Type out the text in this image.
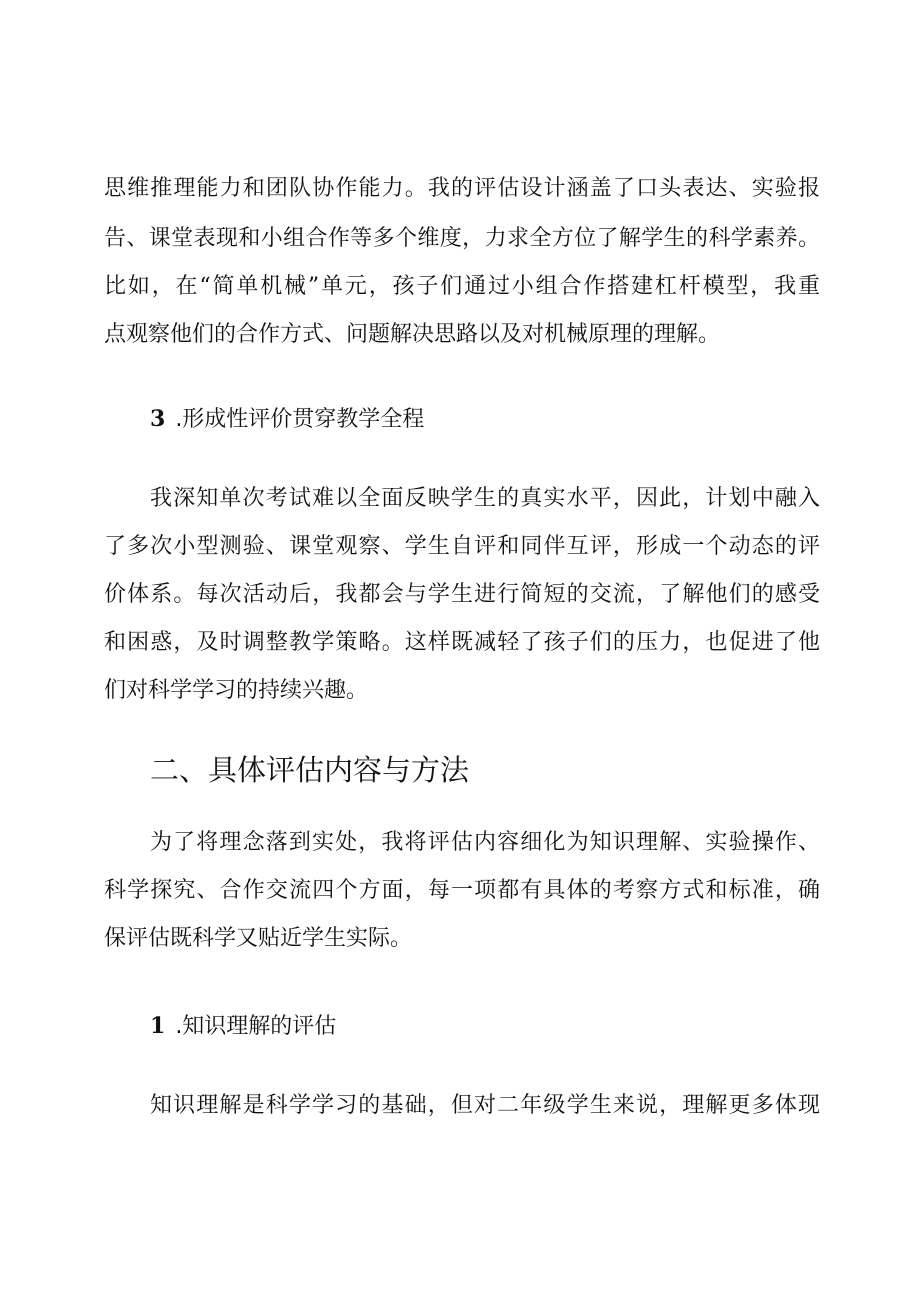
思维推理能力和团队协作能力。我的评估设计涵盖了口头表达、实验报
告、课堂表现和小组合作等多个维度，力求全方位了解学生的科学素养。
比如，在“简单机械”单元，孩子们通过小组合作搭建杠杆模型，我重
点观察他们的合作方式、问题解决思路以及对机械原理的理解。
3 .形成性评价贯穿教学全程
我深知单次考试难以全面反映学生的真实水平，因此，计划中融入
了多次小型测验、课堂观察、学生自评和同伴互评，形成一个动态的评
价体系。每次活动后，我都会与学生进行简短的交流，了解他们的感受
和困惑，及时调整教学策略。这样既减轻了孩子们的压力，也促进了他
们对科学学习的持续兴趣。
二、具体评估内容与方法
为了将理念落到实处，我将评估内容细化为知识理解、实验操作、
科学探究、合作交流四个方面，每一项都有具体的考察方式和标准，确
保评估既科学又贴近学生实际。
1 .知识理解的评估
知识理解是科学学习的基础，但对二年级学生来说，理解更多体现
